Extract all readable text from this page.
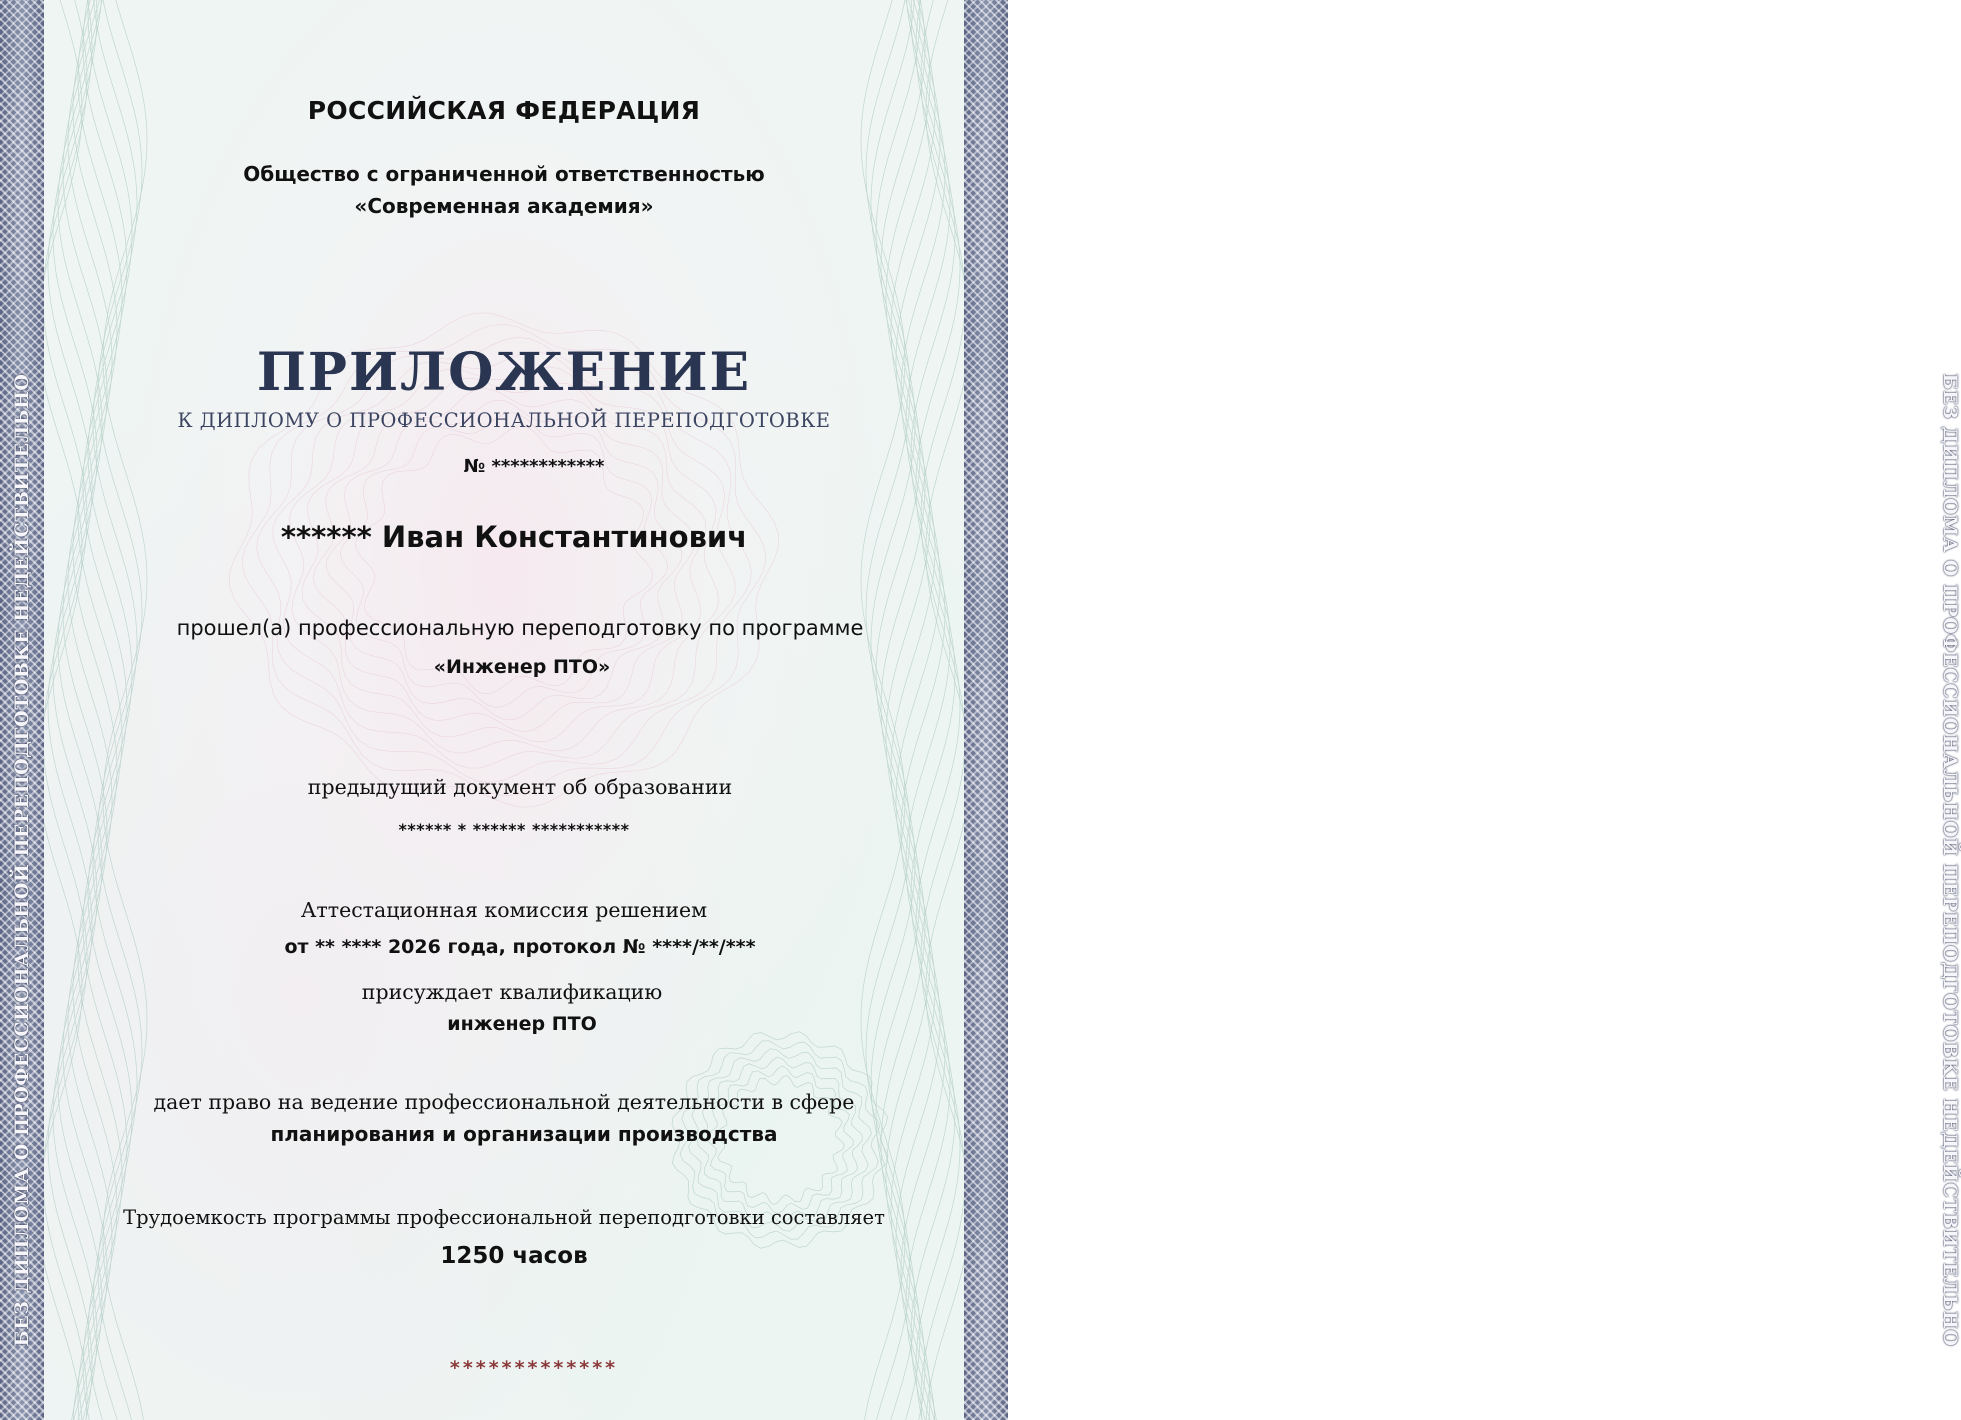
БЕЗ ДИПЛОМА О ПРОФЕССИОНАЛЬНОЙ ПЕРЕПОДГОТОВКЕ НЕДЕЙСТВИТЕЛЬНО	БЕЗ ДИПЛОМА О ПРОФЕССИОНАЛЬНОЙ ПЕРЕПОДГОТОВКЕ НЕДЕЙСТВИТЕЛЬНО
РОССИЙСКАЯ ФЕДЕРАЦИЯ
Общество с ограниченной ответственностью
«Современная академия»
ПРИЛОЖЕНИЕ
К ДИПЛОМУ О ПРОФЕССИОНАЛЬНОЙ ПЕРЕПОДГОТОВКЕ
№ ************
****** Иван Константинович
прошел(а) профессиональную переподготовку по программе
«Инженер ПТО»
предыдущий документ об образовании
****** * ****** ***********
Аттестационная комиссия решением
от ** **** 2026 года, протокол № ****/**/***
присуждает квалификацию
инженер ПТО
дает право на ведение профессиональной деятельности в сфере
планирования и организации производства
Трудоемкость программы профессиональной переподготовки составляет
1250 часов
*************
